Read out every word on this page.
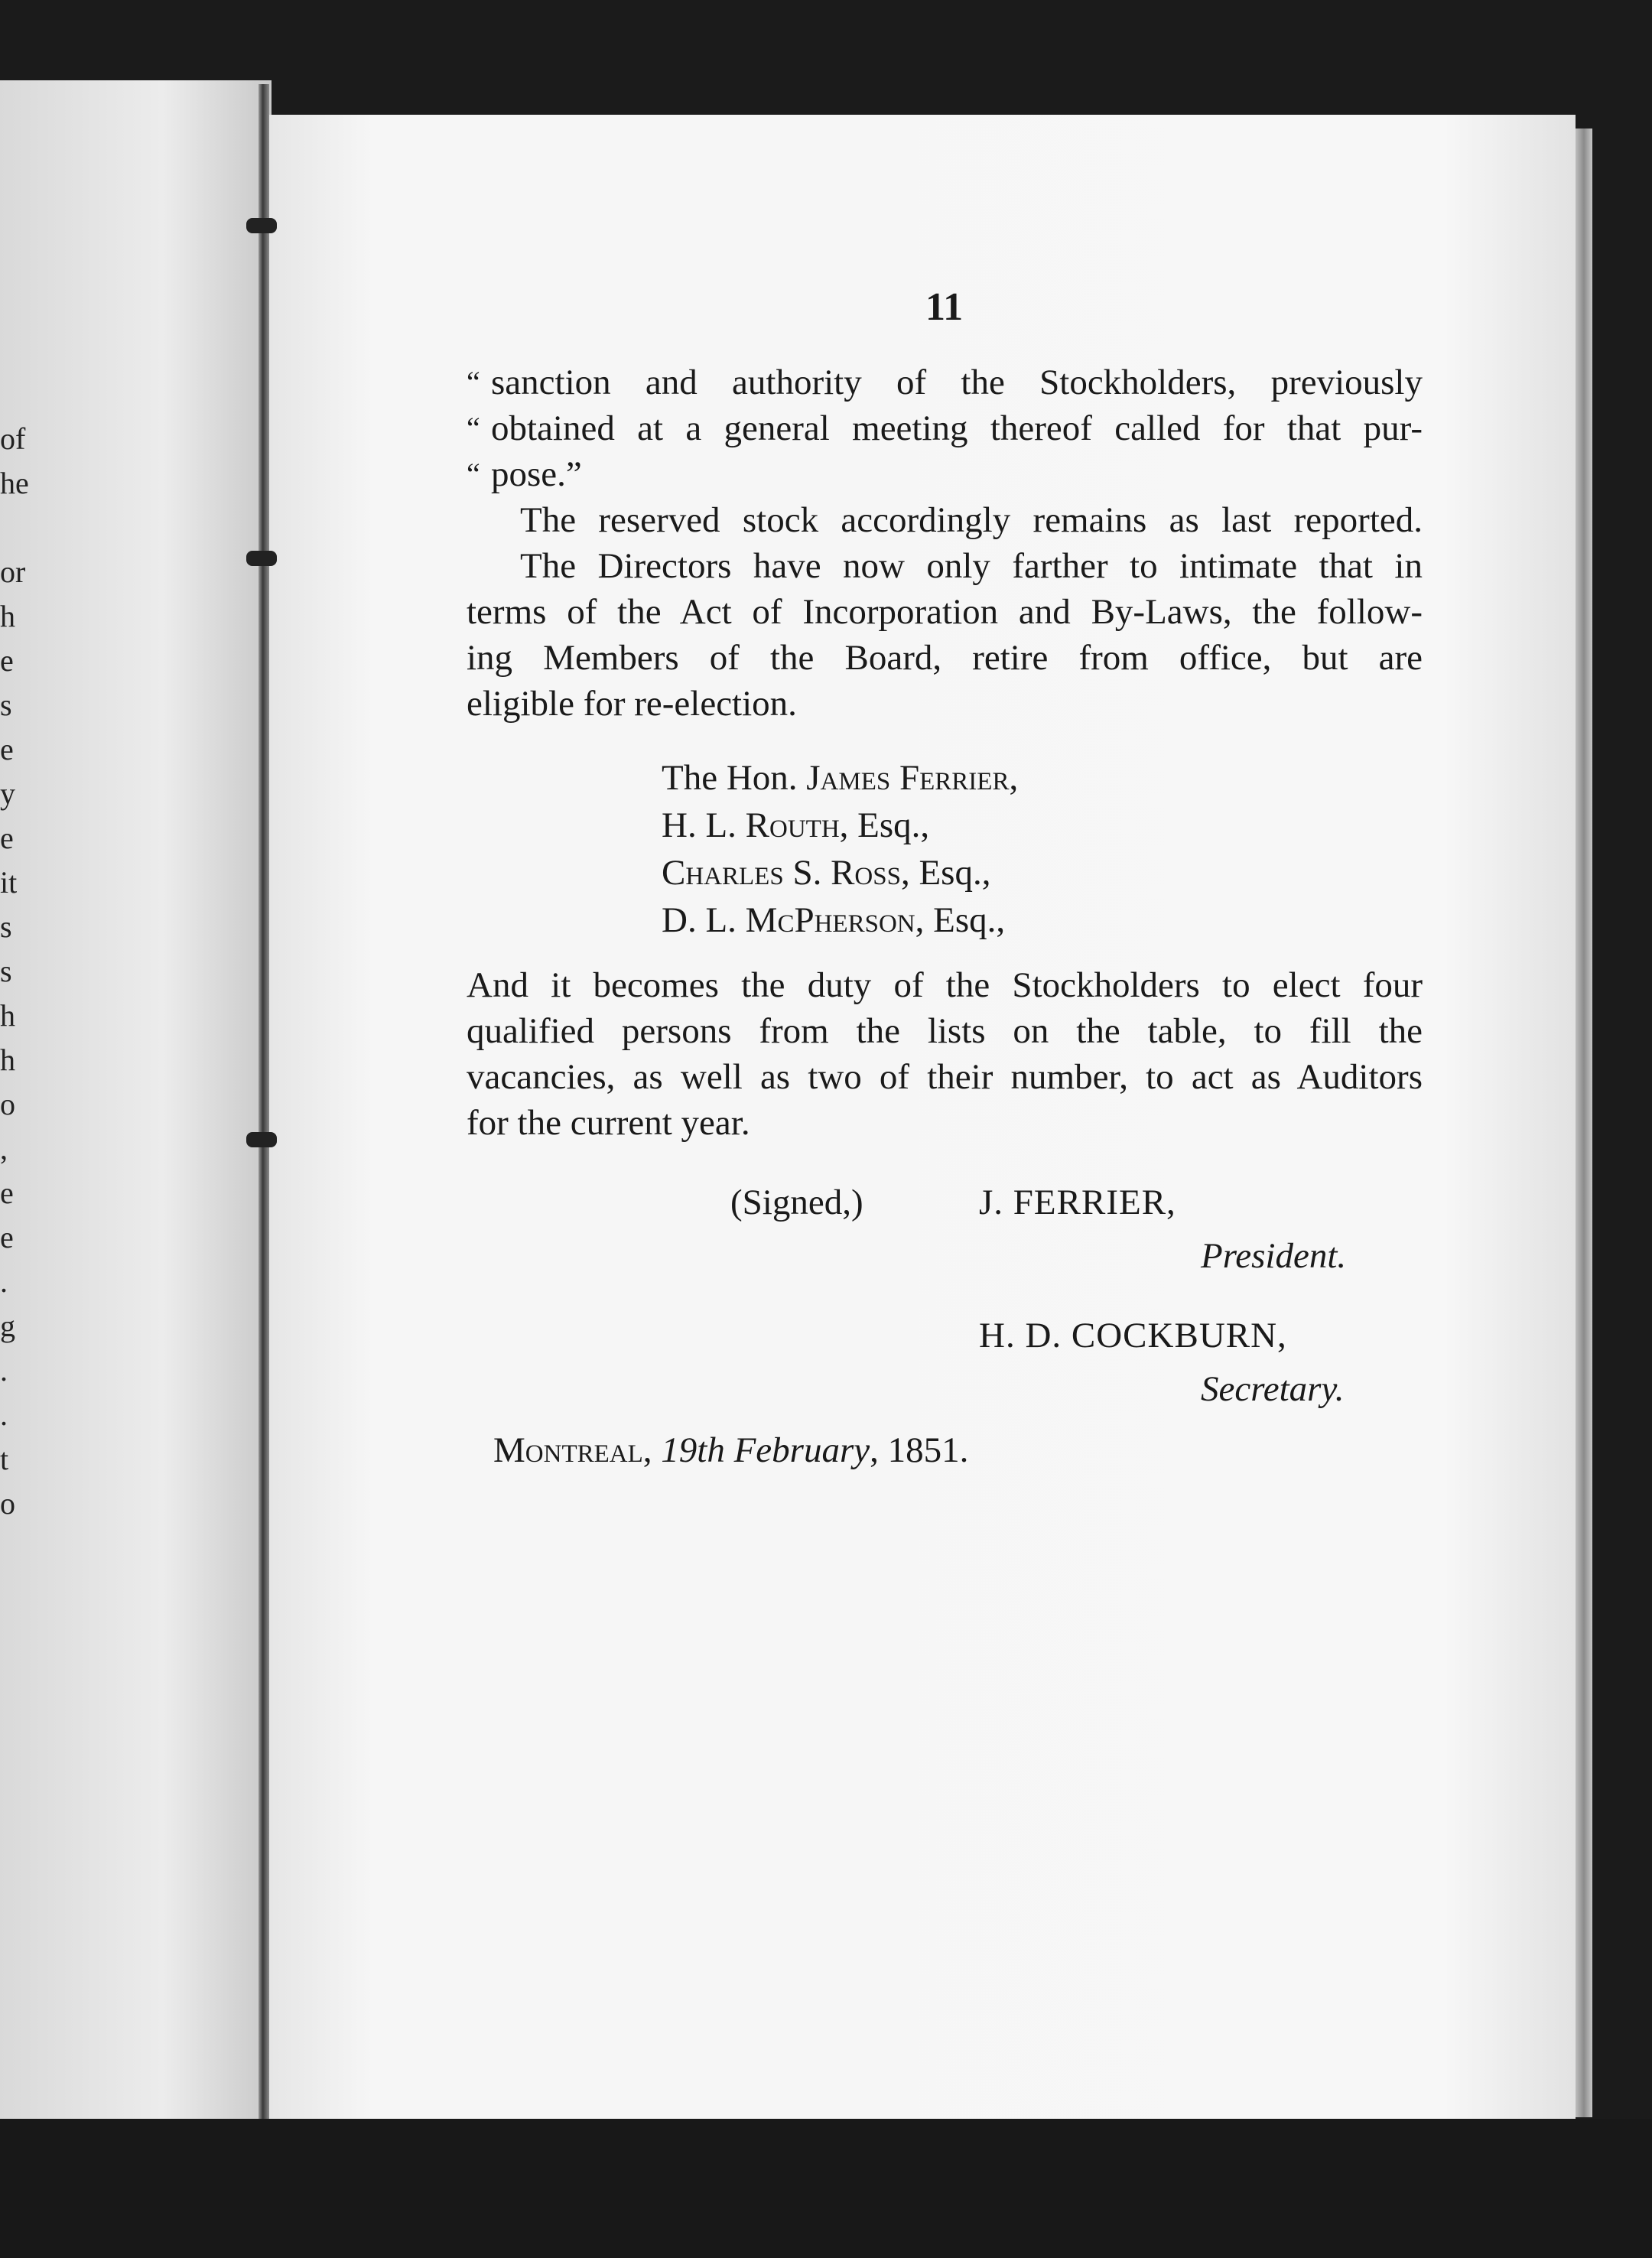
of
he
or
h
e
s
e
y
e
it
s
s
h
h
o
,
e
e
.
g
.
.
t
o
11

“ sanction and authority of the Stockholders, previously

“ obtained at a general meeting thereof called for that pur-

“ pose.”

The reserved stock accordingly remains as last reported.

The Directors have now only farther to intimate that in

terms of the Act of Incorporation and By-Laws, the follow-

ing Members of the Board, retire from office, but are

eligible for re-election.

The Hon. James Ferrier,
H. L. Routh, Esq.,
Charles S. Ross, Esq.,
D. L. McPherson, Esq.,

And it becomes the duty of the Stockholders to elect four

qualified persons from the lists on the table, to fill the

vacancies, as well as two of their number, to act as Auditors

for the current year.

(Signed,)	J. FERRIER,
President.
H. D. COCKBURN,
Secretary.
Montreal, 19th February, 1851.
